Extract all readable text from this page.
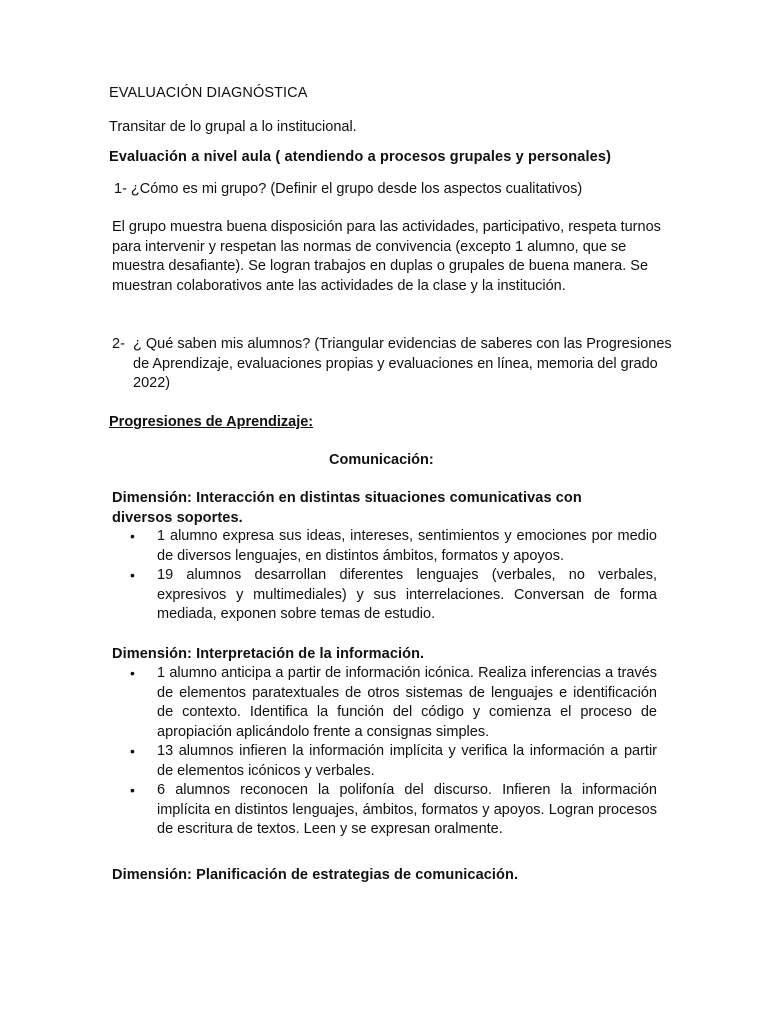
EVALUACIÓN DIAGNÓSTICA
Transitar de lo grupal a lo institucional.
Evaluación a nivel aula ( atendiendo a procesos grupales y personales)
1- ¿Cómo es mi grupo? (Definir el grupo desde los aspectos cualitativos)
El grupo muestra buena disposición para las actividades, participativo, respeta turnos para intervenir y respetan las normas de convivencia (excepto 1 alumno, que se muestra desafiante). Se logran trabajos en duplas o grupales de buena manera. Se muestran colaborativos ante las actividades de la clase y la institución.
2- ¿ Qué saben mis alumnos? (Triangular evidencias de saberes con las Progresiones de Aprendizaje, evaluaciones propias y evaluaciones en línea, memoria del grado 2022)
Progresiones de Aprendizaje:
Comunicación:
Dimensión: Interacción en distintas situaciones comunicativas con diversos soportes.
• 1 alumno expresa sus ideas, intereses, sentimientos y emociones por medio de diversos lenguajes, en distintos ámbitos, formatos y apoyos.
• 19 alumnos desarrollan diferentes lenguajes (verbales, no verbales, expresivos y multimediales) y sus interrelaciones. Conversan de forma mediada, exponen sobre temas de estudio.
Dimensión: Interpretación de la información.
• 1 alumno anticipa a partir de información icónica. Realiza inferencias a través de elementos paratextuales de otros sistemas de lenguajes e identificación de contexto. Identifica la función del código y comienza el proceso de apropiación aplicándolo frente a consignas simples.
• 13 alumnos infieren la información implícita y verifica la información a partir de elementos icónicos y verbales.
• 6 alumnos reconocen la polifonía del discurso. Infieren la información implícita en distintos lenguajes, ámbitos, formatos y apoyos. Logran procesos de escritura de textos. Leen y se expresan oralmente.
Dimensión: Planificación de estrategias de comunicación.
